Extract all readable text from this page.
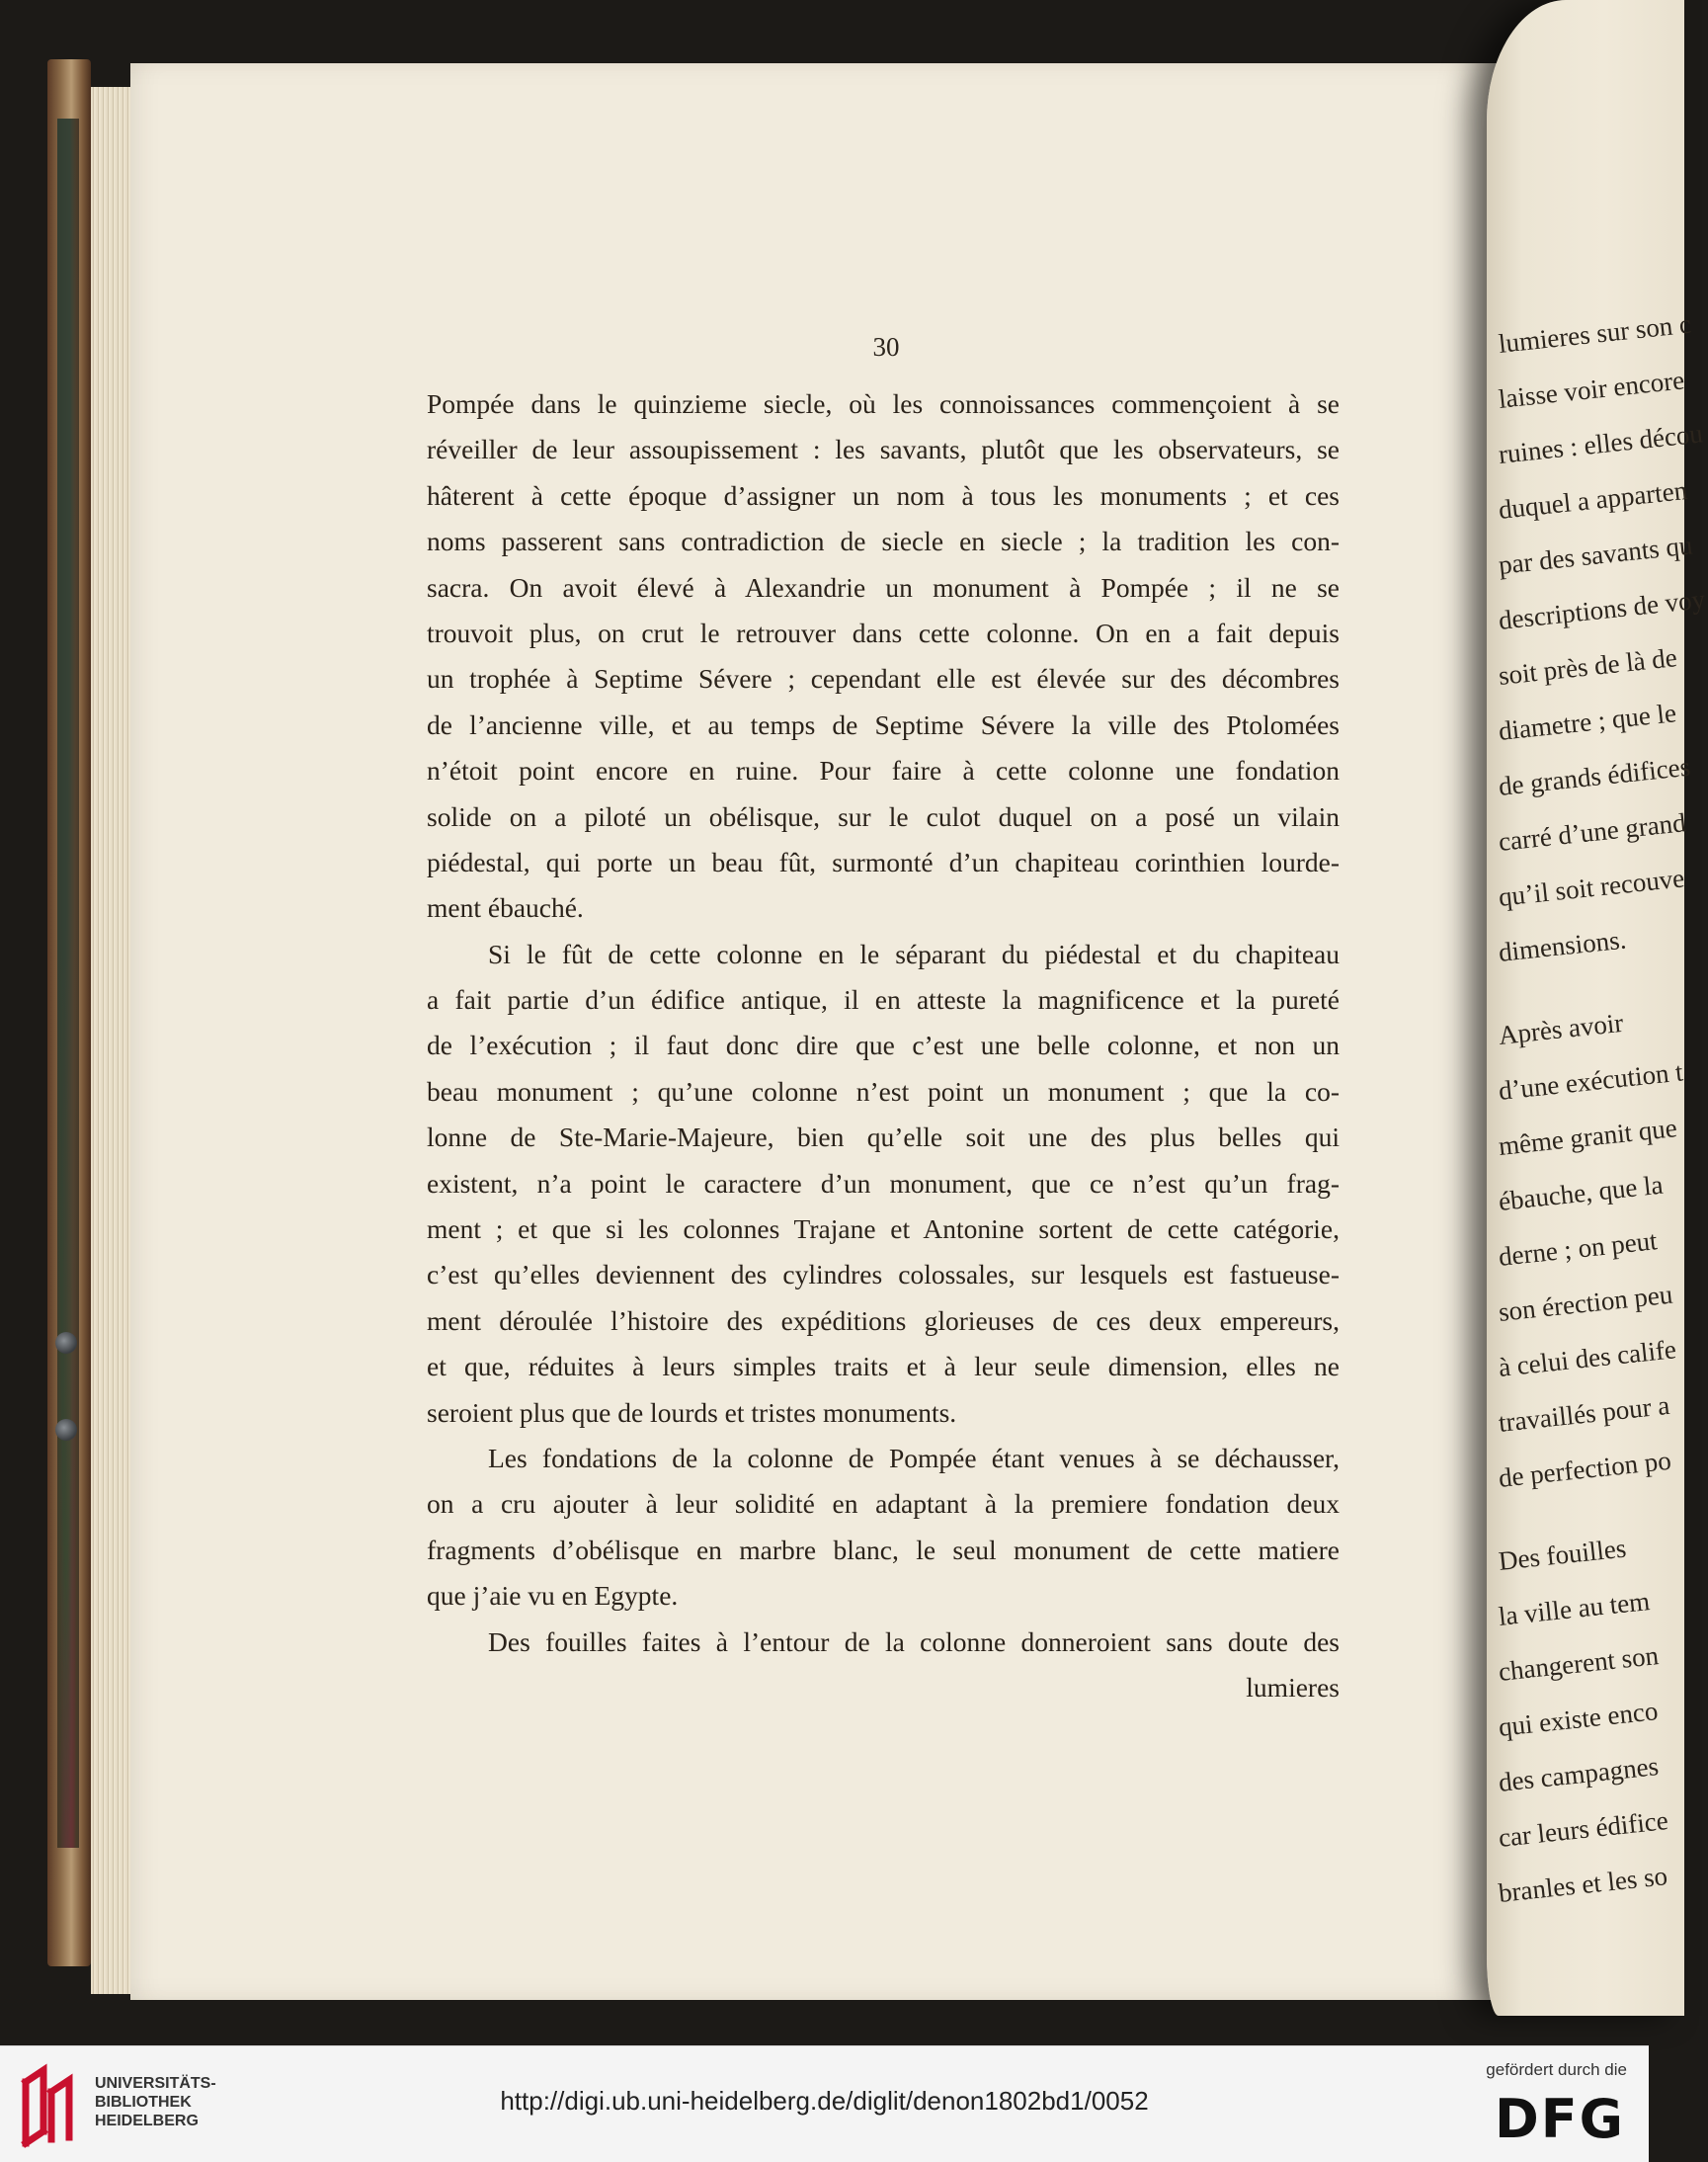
30
Pompée dans le quinzieme siecle, où les connoissances commençoient à se
réveiller de leur assoupissement : les savants, plutôt que les observateurs, se
hâterent à cette époque d’assigner un nom à tous les monuments ; et ces
noms passerent sans contradiction de siecle en siecle ; la tradition les con-
sacra. On avoit élevé à Alexandrie un monument à Pompée ; il ne se
trouvoit plus, on crut le retrouver dans cette colonne. On en a fait depuis
un trophée à Septime Sévere ; cependant elle est élevée sur des décombres
de l’ancienne ville, et au temps de Septime Sévere la ville des Ptolomées
n’étoit point encore en ruine. Pour faire à cette colonne une fondation
solide on a piloté un obélisque, sur le culot duquel on a posé un vilain
piédestal, qui porte un beau fût, surmonté d’un chapiteau corinthien lourde-
ment ébauché.
Si le fût de cette colonne en le séparant du piédestal et du chapiteau
a fait partie d’un édifice antique, il en atteste la magnificence et la pureté
de l’exécution ; il faut donc dire que c’est une belle colonne, et non un
beau monument ; qu’une colonne n’est point un monument ; que la co-
lonne de Ste-Marie-Majeure, bien qu’elle soit une des plus belles qui
existent, n’a point le caractere d’un monument, que ce n’est qu’un frag-
ment ; et que si les colonnes Trajane et Antonine sortent de cette catégorie,
c’est qu’elles deviennent des cylindres colossales, sur lesquels est fastueuse-
ment déroulée l’histoire des expéditions glorieuses de ces deux empereurs,
et que, réduites à leurs simples traits et à leur seule dimension, elles ne
seroient plus que de lourds et tristes monuments.
Les fondations de la colonne de Pompée étant venues à se déchausser,
on a cru ajouter à leur solidité en adaptant à la premiere fondation deux
fragments d’obélisque en marbre blanc, le seul monument de cette matiere
que j’aie vu en Egypte.
Des fouilles faites à l’entour de la colonne donneroient sans doute des
lumieres
lumieres sur son c
laisse voir encore
ruines : elles décou
duquel a apparten
par des savants qu
descriptions de voy
soit près de là de
diametre ; que le
de grands édifices
carré d’une grand
qu’il soit recouve
dimensions.
Après avoir
d’une exécution t
même granit que
ébauche, que la
derne ; on peut
son érection peu
à celui des calife
travaillés pour a
de perfection po
Des fouilles
la ville au tem
changerent son
qui existe enco
des campagnes
car leurs édifice
branles et les so
UNIVERSITÄTS-
BIBLIOTHEK
HEIDELBERG
http://digi.ub.uni-heidelberg.de/diglit/denon1802bd1/0052
gefördert durch die
DFG
